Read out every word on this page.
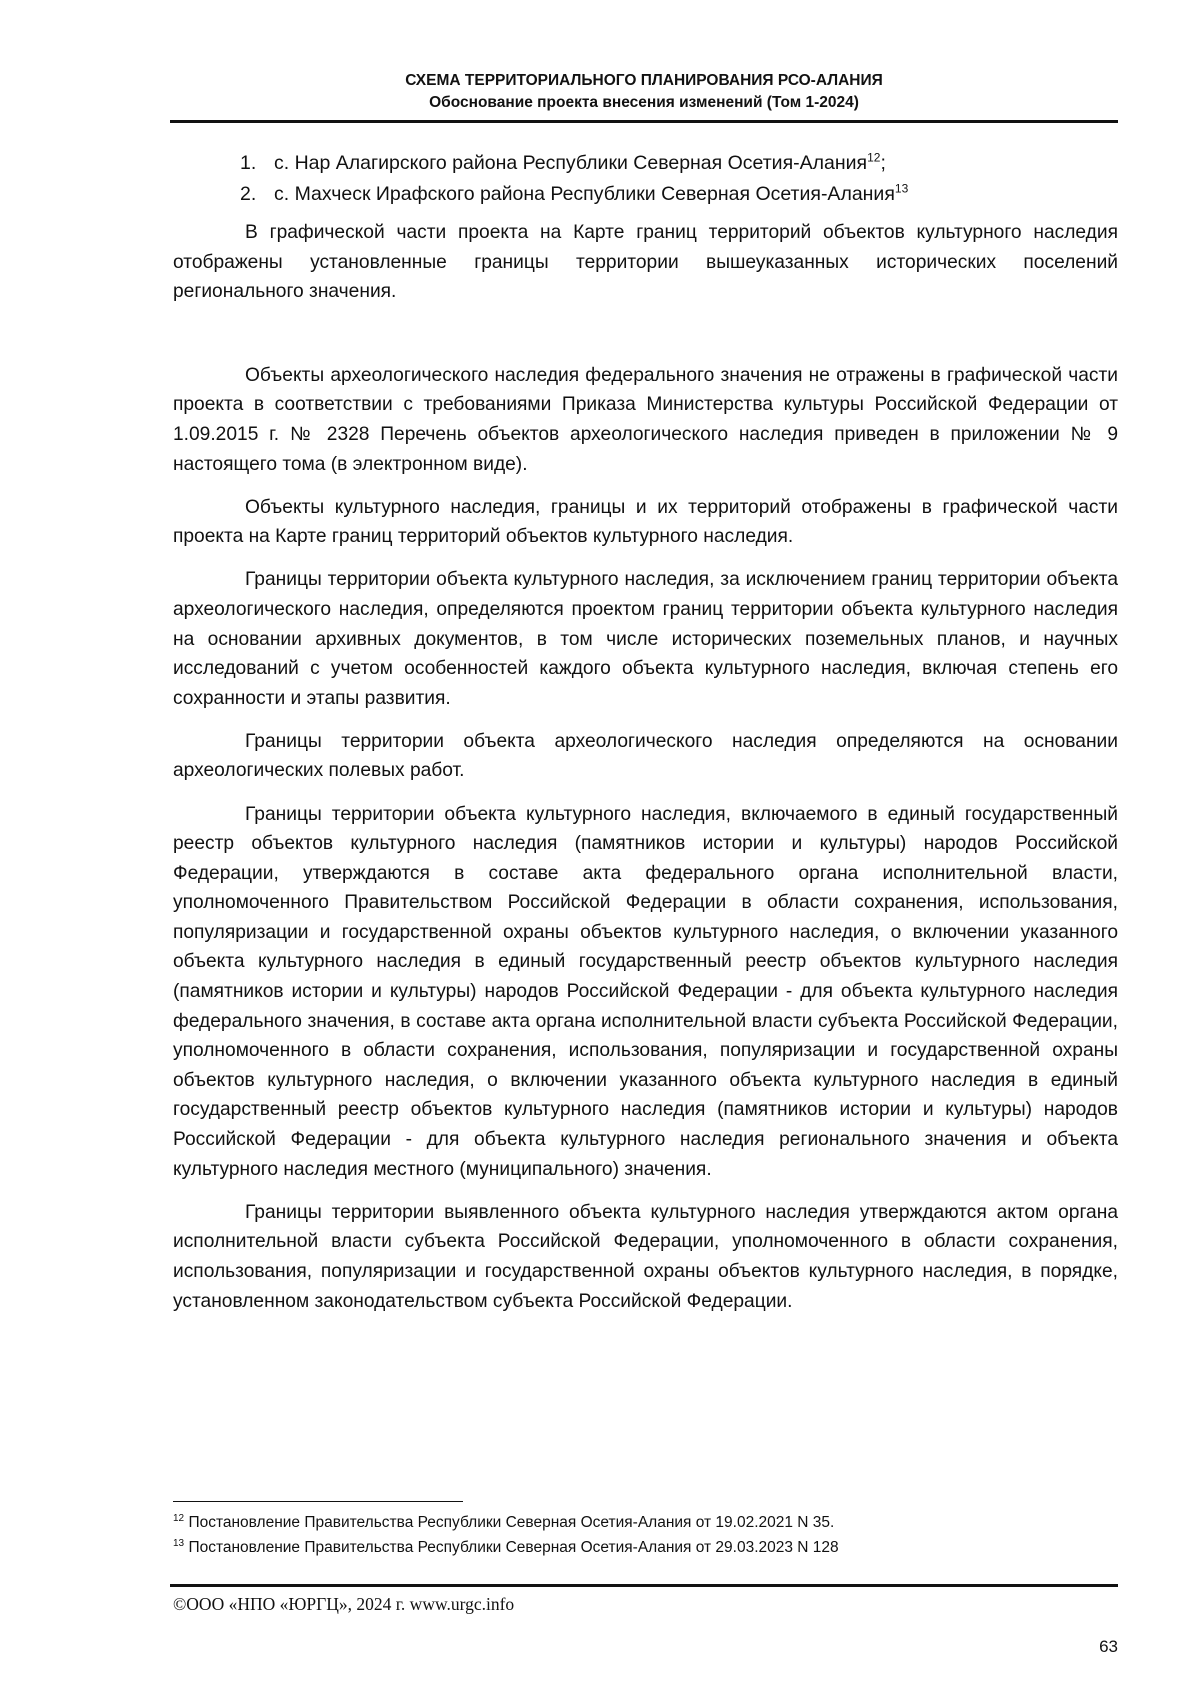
СХЕМА ТЕРРИТОРИАЛЬНОГО ПЛАНИРОВАНИЯ РСО-АЛАНИЯ
Обоснование проекта внесения изменений (Том 1-2024)
1. с. Нар Алагирского района Республики Северная Осетия-Алания$^{12}$;
2. с. Махческ Ирафского района Республики Северная Осетия-Алания$^{13}$

В графической части проекта на Карте границ территорий объектов культурного наследия отображены установленные границы территории вышеуказанных исторических поселений регионального значения.

Объекты археологического наследия федерального значения не отражены в графической части проекта в соответствии с требованиями Приказа Министерства культуры Российской Федерации от 1.09.2015 г. № 2328 Перечень объектов археологического наследия приведен в приложении № 9 настоящего тома (в электронном виде).

Объекты культурного наследия, границы и их территорий отображены в графической части проекта на Карте границ территорий объектов культурного наследия.

Границы территории объекта культурного наследия, за исключением границ территории объекта археологического наследия, определяются проектом границ территории объекта культурного наследия на основании архивных документов, в том числе исторических поземельных планов, и научных исследований с учетом особенностей каждого объекта культурного наследия, включая степень его сохранности и этапы развития.

Границы территории объекта археологического наследия определяются на основании археологических полевых работ.

Границы территории объекта культурного наследия, включаемого в единый государственный реестр объектов культурного наследия (памятников истории и культуры) народов Российской Федерации, утверждаются в составе акта федерального органа исполнительной власти, уполномоченного Правительством Российской Федерации в области сохранения, использования, популяризации и государственной охраны объектов культурного наследия, о включении указанного объекта культурного наследия в единый государственный реестр объектов культурного наследия (памятников истории и культуры) народов Российской Федерации - для объекта культурного наследия федерального значения, в составе акта органа исполнительной власти субъекта Российской Федерации, уполномоченного в области сохранения, использования, популяризации и государственной охраны объектов культурного наследия, о включении указанного объекта культурного наследия в единый государственный реестр объектов культурного наследия (памятников истории и культуры) народов Российской Федерации - для объекта культурного наследия регионального значения и объекта культурного наследия местного (муниципального) значения.

Границы территории выявленного объекта культурного наследия утверждаются актом органа исполнительной власти субъекта Российской Федерации, уполномоченного в области сохранения, использования, популяризации и государственной охраны объектов культурного наследия, в порядке, установленном законодательством субъекта Российской Федерации.

$^{12}$ Постановление Правительства Республики Северная Осетия-Алания от 19.02.2021 N 35.
$^{13}$ Постановление Правительства Республики Северная Осетия-Алания от 29.03.2023 N 128
©ООО «НПО «ЮРГЦ», 2024 г. www.urgc.info
63
